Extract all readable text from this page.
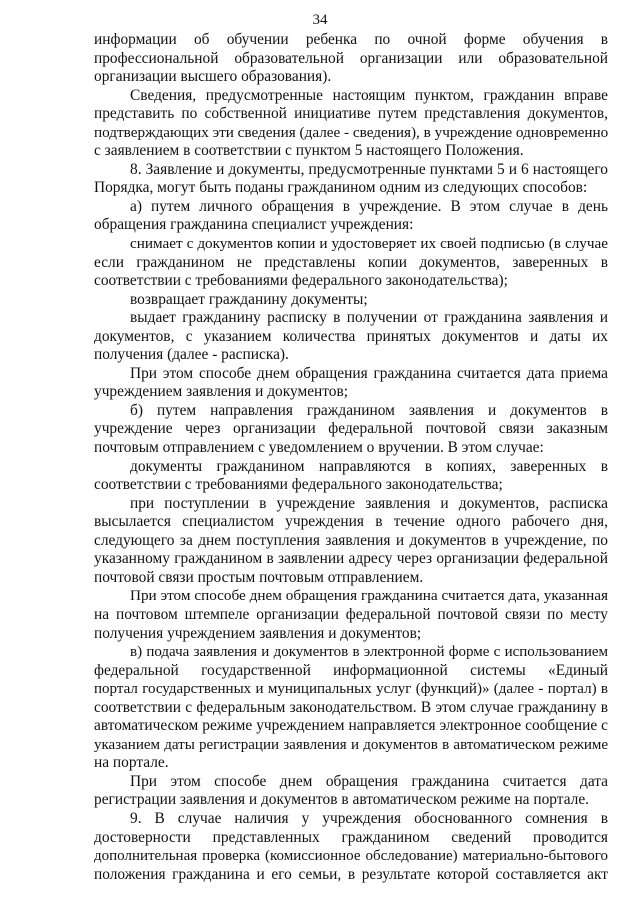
34
информации об обучении ребенка по очной форме обучения в
профессиональной образовательной организации или образовательной
организации высшего образования).
Сведения, предусмотренные настоящим пунктом, гражданин вправе
представить по собственной инициативе путем представления документов,
подтверждающих эти сведения (далее - сведения), в учреждение одновременно
с заявлением в соответствии с пунктом 5 настоящего Положения.
8. Заявление и документы, предусмотренные пунктами 5 и 6 настоящего
Порядка, могут быть поданы гражданином одним из следующих способов:
а) путем личного обращения в учреждение. В этом случае в день
обращения гражданина специалист учреждения:
снимает с документов копии и удостоверяет их своей подписью (в случае
если гражданином не представлены копии документов, заверенных в
соответствии с требованиями федерального законодательства);
возвращает гражданину документы;
выдает гражданину расписку в получении от гражданина заявления и
документов, с указанием количества принятых документов и даты их
получения (далее - расписка).
При этом способе днем обращения гражданина считается дата приема
учреждением заявления и документов;
б) путем направления гражданином заявления и документов в
учреждение через организации федеральной почтовой связи заказным
почтовым отправлением с уведомлением о вручении. В этом случае:
документы гражданином направляются в копиях, заверенных в
соответствии с требованиями федерального законодательства;
при поступлении в учреждение заявления и документов, расписка
высылается специалистом учреждения в течение одного рабочего дня,
следующего за днем поступления заявления и документов в учреждение, по
указанному гражданином в заявлении адресу через организации федеральной
почтовой связи простым почтовым отправлением.
При этом способе днем обращения гражданина считается дата, указанная
на почтовом штемпеле организации федеральной почтовой связи по месту
получения учреждением заявления и документов;
в) подача заявления и документов в электронной форме с использованием
федеральной государственной информационной системы «Единый
портал государственных и муниципальных услуг (функций)» (далее - портал) в
соответствии с федеральным законодательством. В этом случае гражданину в
автоматическом режиме учреждением направляется электронное сообщение с
указанием даты регистрации заявления и документов в автоматическом режиме
на портале.
При этом способе днем обращения гражданина считается дата
регистрации заявления и документов в автоматическом режиме на портале.
9. В случае наличия у учреждения обоснованного сомнения в
достоверности представленных гражданином сведений проводится
дополнительная проверка (комиссионное обследование) материально-бытового
положения гражданина и его семьи, в результате которой составляется акт
